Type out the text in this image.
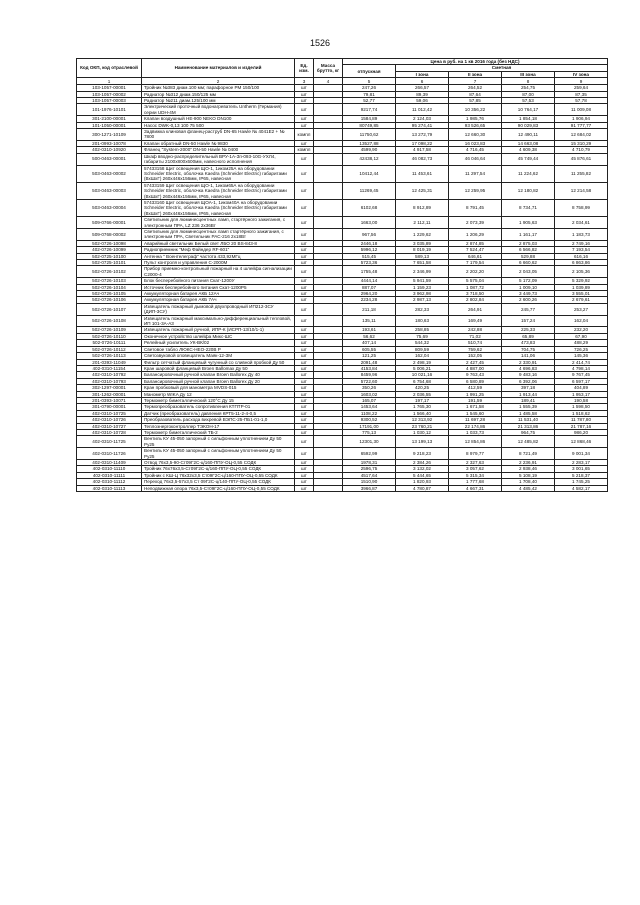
1526
Код ОКП, код отраслевой	Наименование материалов и изделий	Ед. изм.	Масса брутто, кг	Цена в руб. на 1 кв 2016 года (без НДС)				
				отпускная	Сметная			
					I зона	II зона	III зона	IV зона
1	2	3	4	5	6	7	8	9
103-1057-00001	Тройник №383 диам.100 мм; парафорное РМ 150/100	шт		247,26	266,57	264,52	254,75	259,64
103-1057-00002	Радиатор №312 диам.150/125 мм	шт		79,81	89,39	87,64	87,00	87,35
103-1057-00003	Радиатор №211 диам.125/100 мм	шт		52,77	59,06	57,85	57,53	57,78
101-1976-10101	Электрический проточный водонагреватель Untherm (Германия) серии UDH-4М	шт		9217,74	11 012,42	10 356,22	10 764,17	11 009,08
301-2100-00001	Клапан воздушный НЕ-900 NEKO DN100	шт		1584,89	2 124,03	1 985,76	1 854,18	1 906,94
101-1050-00001	Насос DWK-0,13 100 75 500	шт		80749,85	95 274,41	93 526,65	90 029,83	91 777,77
300-1271-10109	Задвижка клиновая фланец-раструб DN-65 Hawle № 4041E2 + № 7800	компл		11750,62	13 272,79	12 660,30	12 490,11	12 684,02
201-0993-10078	Клапан обратный DN-50 Hawle № 9830	шт		13527,88	17 098,22	16 023,83	14 663,08	15 310,29
402-0310-10920	Фланец "System-2000" DN-50 Hawle № 0400	компл		4599,90	4 917,58	4 716,45	4 609,38	4 710,79
500-0463-00001	Шкаф вводно-распределительный ВРУ-1А-Зп-093-10G-УХЛ4, габариты 2100х800х600мм, навесного исполнения	шт		42438,12	46 082,73	46 046,64	45 749,44	45 876,61
503-0463-00002	57433158 Щит освещения ЩО-1, 1иком25А на оборудовании Schneider Electric, оболочка Kaedra (Schneider Electric) габаритами (ВхШхГ) 260х446х156мм, IP65, навесная	шт		10412,44	11 453,61	11 297,54	11 224,62	11 255,82
503-0463-00003	57433159 Щит освещения ЩО-1, 1иком65А на оборудовании Schneider Electric, оболочка Kaedra (Schneider Electric) габаритами (ВхШхГ) 260х446х156мм, IP65, навесная	шт		11269,45	12 425,31	12 259,95	12 180,82	12 214,58
503-0463-00004	57433160 Щит освещения ЩОА-1, 1иком40А на оборудовании Schneider Electric, оболочка Kaedra (Schneider Electric) габаритами (ВхШхГ) 260х446х156мм, IP65, навесная	шт		6102,68	8 912,89	8 791,45	8 734,71	8 758,99
509-0766-00001	Светильник для люминесцентных ламп, стартёрного зажигания, с электронным ПРА, LZ 236 2х36Вт	шт		1663,00	2 112,11	2 073,39	1 905,63	2 034,61
509-0768-00002	Светильник для люминесцентных ламп стартёрного зажигания, с электронным ПРА, Светильник PAC-216 2х18Вт	шт		967,56	1 229,62	1 206,29	1 161,17	1 183,73
502-0726-10098	Аварийный светильник Белый свет ЛБО 20 BS-843-8	шт		2446,18	3 035,89	2 874,85	2 875,03	2 749,16
402-0726-10099	Радиоприемник "Меф Файндер RF-601"	шт		5996,12	8 019,19	7 524,47	6 566,82	7 193,54
502-0725-10100	Антенна " Воентелеграф" частота 433,92МГц	шт		515,45	589,13	646,61	529,88	616,16
502-0725-10101	Пульт контроля и управления С-2000М	шт		5723,36	7 651,58	7 179,54	6 660,62	6 863,86
502-0726-10102	Прибор приемно-контрольный пожарный на 4 шлейфа сигнализации С2000-4	шт		1755,48	2 346,99	2 202,20	2 043,05	2 105,36
502-0726-10103	Блок бесперебойного питания Скат-1200У	шт		4444,14	5 941,59	5 575,04	5 172,09	5 329,92
502-0726-10104	Источник бесперебойного питания Скат-1200Р5	шт		887,07	1 159,23	1 087,72	1 009,10	1 039,89
502-0726-10105	Аккумуляторная батарея АКБ 12Ач	шт		2964,20	3 962,98	3 718,50	3 449,73	3 555,01
502-0726-10106	Аккумуляторная батарея АКБ 7Ач	шт		2234,28	2 987,13	2 802,84	2 600,26	2 679,61
502-0726-10107	Извещатель пожарный дымовой двухпроводный ИП212-3СУ (ДИП-3СУ)	шт		211,18	282,33	264,91	245,77	253,27
502-0726-10108	Извещатель пожарный максимально-дифференциальный тепловой, ИП 101-3А-А3	шт		135,11	180,63	169,49	157,24	162,04
502-0726-10109	Извещатель пожарный ручной, ИПР-К (ИСРП-13/10/1-1)	шт		193,61	258,85	242,88	225,33	232,20
502-0726-10110	Оконечное устройство шлейфа Микс-ШС	шт		56,62	75,69	71,02	65,89	67,90
502-0726-10111	Релейный усилитель УК-ВК/02	шт		407,14	544,32	510,74	473,83	488,29
502-0726-10112	Световое табло ЛЮКС-НЕО-220В Р	шт		605,55	809,59	759,62	704,75	726,25
502-0726-10113	Светозвуковой оповещатель Маяк-12-ЗМ	шт		121,25	162,04	152,05	141,06	145,36
201-0393-11049	Фильтр сетчатый фланцевый чугунный со сливной пробкой Ду 50	шт		2091,48	2 498,19	2 427,45	2 330,91	2 414,74
402-0310-11154	Кран шаровой фланцевый Broen Ballomax Ду 50	шт		4153,84	5 006,21	4 887,00	4 696,83	4 798,14
402-0310-10792	Балансировочный ручной клапан Broen Ballorex Ду 40	шт		8459,96	10 021,16	9 763,43	9 483,16	9 767,45
402-0310-10793	Балансировочный ручной клапан Broen Ballorex Ду 20	шт		5722,60	6 754,68	6 580,89	6 392,06	6 597,17
302-1297-00001	Кран пробковый для манометра МVDS-015	шт		350,26	420,25	412,59	397,18	404,89
301-1262-00001	Манометр WIKA Ду 12	шт		1603,02	2 036,55	1 991,25	1 913,44	1 953,17
201-0393-10071	Термометр биметаллический 120°С Ду 15	шт		165,07	197,17	191,59	189,41	190,58
301-0790-00001	Термопреобразователь сопротивления КТПТР-01	шт		1453,64	1 765,30	1 671,58	1 555,39	1 598,50
402-0310-10725	Датчик (преобразователь) давления КРТ5-11-2-4-0,5	шт		1108,22	1 566,40	1 545,60	1 485,58	1 518,62
402-0310-10726	Преобразователь расхода вихревой ВЭПС-25-ПБ1-01-1,0	шт		9300,52	12 313,92	11 697,28	11 531,40	11 787,80
402-0310-10727	Теплоэнергоконтроллер ТЭКОН-17	шт		17191,00	23 760,21	22 174,86	21 313,86	21 787,16
402-0310-10728	Термометр биметаллический ТБ-2	шт		775,13	1 030,12	1 033,73	964,75	986,20
402-0310-11725	Вентиль КУ 45-050 запорный с сильфонным уплотнением Ду 50 Ру25	шт		12301,30	13 199,13	12 854,86	12 485,82	12 868,46
402-0310-11726	Вентиль КУ 45-050 запорный с сильфонным уплотнением Ду 50 Ру25	шт		6592,99	9 218,23	8 979,77	8 721,49	9 001,34
402-0310-11409	Отвод 76х3,5-90-Ст09Г2С-ц/160-ППУ-ОЦ-0,55 СОДК	шт		1978,31	2 384,26	2 327,63	2 236,91	2 283,17
402-0310-11110	Тройник 76х76х3,5-Ст09Г2С-ц/160-ППУ-ОЦ-0,55 СОДК	шт		2596,75	3 132,02	3 057,62	2 938,46	3 001,65
402-0310-11111	Тройник с КШ-Ц 76х32х3,5 Ст09Г2С-ц/160-ППУ-ОЦ-0,55 СОДК	шт		4517,64	5 444,65	5 315,34	5 108,19	5 218,37
402-0310-11112	Переход 76х3,5-57х3,5 Ст 09Г2С-ц/140-ППУ-ОЦ-0,55 СОДК	шт		1510,90	1 820,93	1 777,68	1 708,40	1 745,25
402-0310-11113	Неподвижная опора 76х3,5-Ст09Г2С-ц/160-ППУ-ОЦ-0,55 СОДК	шт		3966,87	4 780,87	4 667,31	4 485,42	4 582,17
